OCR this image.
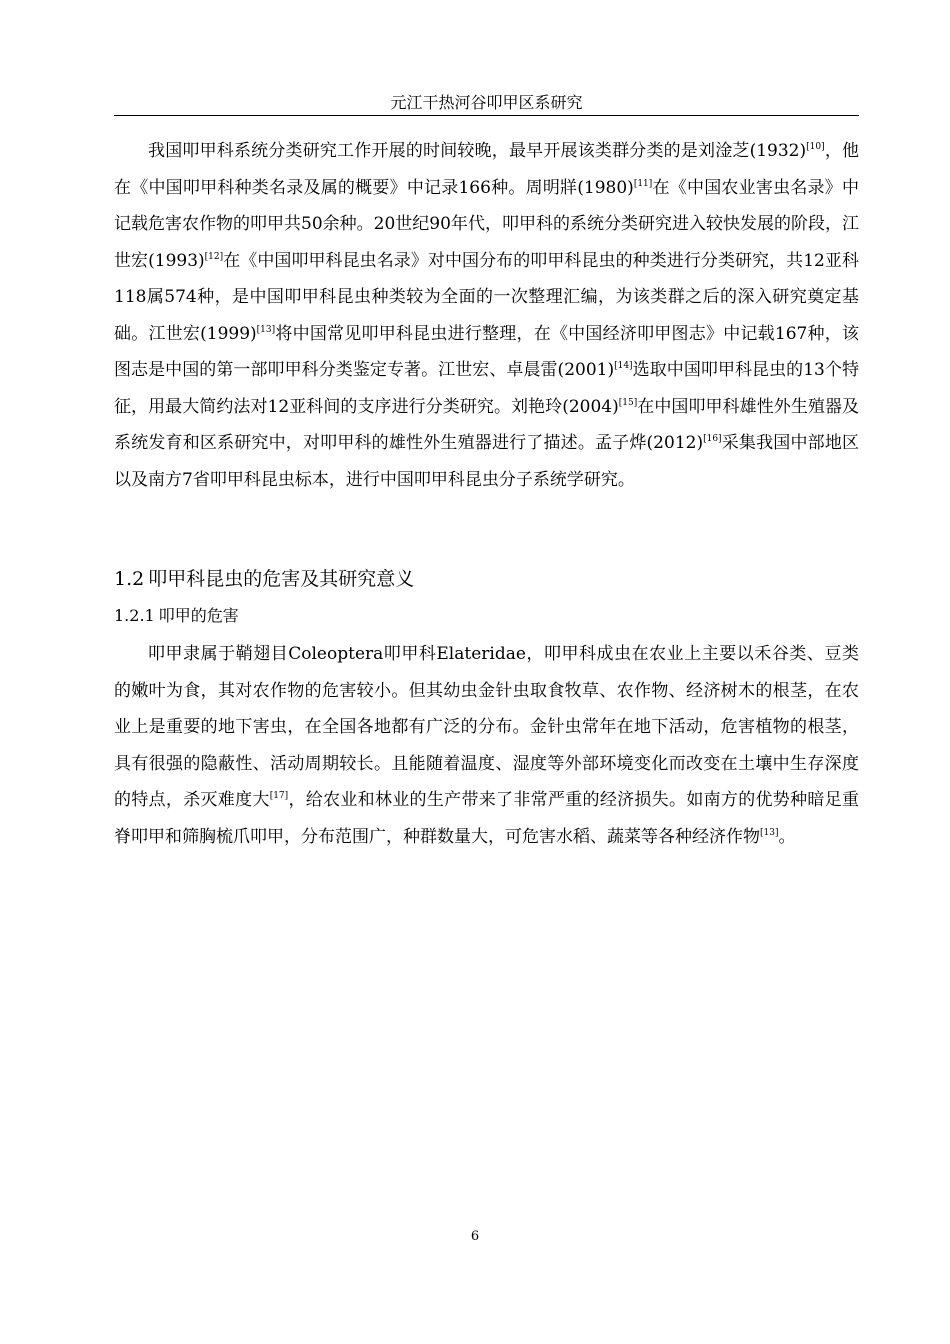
元江干热河谷叩甲区系研究

我国叩甲科系统分类研究工作开展的时间较晚，最早开展该类群分类的是刘淦芝(1932)[10]，他在《中国叩甲科种类名录及属的概要》中记录166种。周明牂(1980)[11]在《中国农业害虫名录》中记载危害农作物的叩甲共50余种。20世纪90年代，叩甲科的系统分类研究进入较快发展的阶段，江世宏(1993)[12]在《中国叩甲科昆虫名录》对中国分布的叩甲科昆虫的种类进行分类研究，共12亚科118属574种，是中国叩甲科昆虫种类较为全面的一次整理汇编，为该类群之后的深入研究奠定基础。江世宏(1999)[13]将中国常见叩甲科昆虫进行整理，在《中国经济叩甲图志》中记载167种，该图志是中国的第一部叩甲科分类鉴定专著。江世宏、卓晨雷(2001)[14]选取中国叩甲科昆虫的13个特征，用最大简约法对12亚科间的支序进行分类研究。刘艳玲(2004)[15]在中国叩甲科雄性外生殖器及系统发育和区系研究中，对叩甲科的雄性外生殖器进行了描述。孟子烨(2012)[16]采集我国中部地区以及南方7省叩甲科昆虫标本，进行中国叩甲科昆虫分子系统学研究。

1.2 叩甲科昆虫的危害及其研究意义
1.2.1 叩甲的危害

叩甲隶属于鞘翅目Coleoptera叩甲科Elateridae，叩甲科成虫在农业上主要以禾谷类、豆类的嫩叶为食，其对农作物的危害较小。但其幼虫金针虫取食牧草、农作物、经济树木的根茎，在农业上是重要的地下害虫，在全国各地都有广泛的分布。金针虫常年在地下活动，危害植物的根茎，具有很强的隐蔽性、活动周期较长。且能随着温度、湿度等外部环境变化而改变在土壤中生存深度的特点，杀灭难度大[17]，给农业和林业的生产带来了非常严重的经济损失。如南方的优势种暗足重脊叩甲和筛胸梳爪叩甲，分布范围广，种群数量大，可危害水稻、蔬菜等各种经济作物[13]。

6
